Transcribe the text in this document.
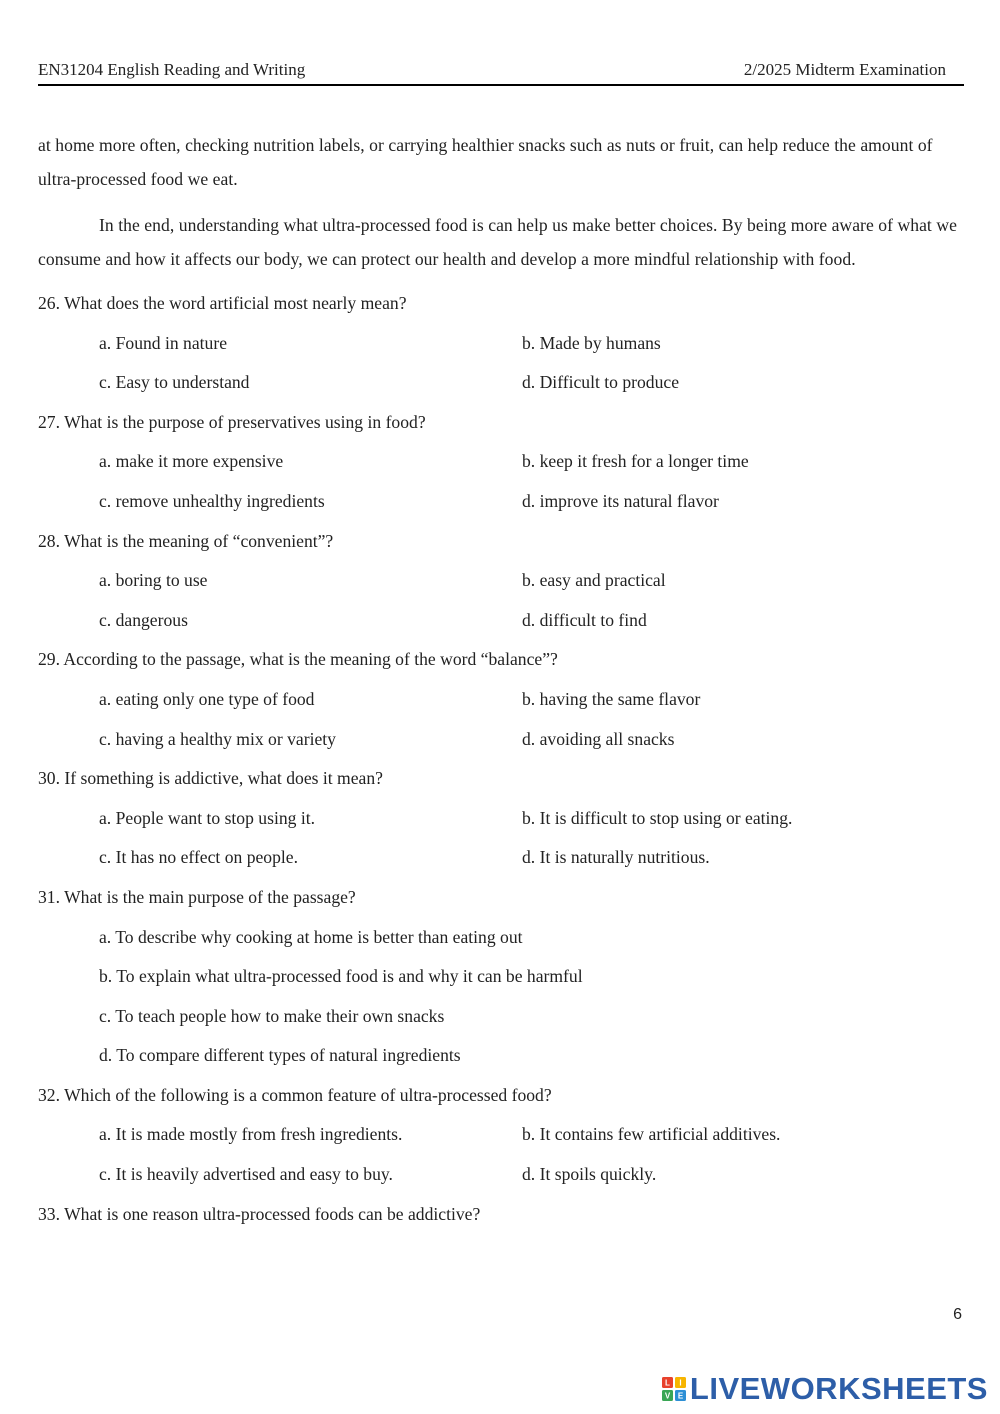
EN31204 English Reading and Writing	2/2025 Midterm Examination

at home more often, checking nutrition labels, or carrying healthier snacks such as nuts or fruit, can help reduce the amount of ultra-processed food we eat.

In the end, understanding what ultra-processed food is can help us make better choices. By being more aware of what we consume and how it affects our body, we can protect our health and develop a more mindful relationship with food.

26. What does the word artificial most nearly mean?
a. Found in nature	b. Made by humans
c. Easy to understand	d. Difficult to produce
27. What is the purpose of preservatives using in food?
a. make it more expensive	b. keep it fresh for a longer time
c. remove unhealthy ingredients	d. improve its natural flavor
28. What is the meaning of “convenient”?
a. boring to use	b. easy and practical
c. dangerous	d. difficult to find
29. According to the passage, what is the meaning of the word “balance”?
a. eating only one type of food	b. having the same flavor
c. having a healthy mix or variety	d. avoiding all snacks
30. If something is addictive, what does it mean?
a. People want to stop using it.	b. It is difficult to stop using or eating.
c. It has no effect on people.	d. It is naturally nutritious.
31. What is the main purpose of the passage?
a. To describe why cooking at home is better than eating out
b. To explain what ultra-processed food is and why it can be harmful
c. To teach people how to make their own snacks
d. To compare different types of natural ingredients
32. Which of the following is a common feature of ultra-processed food?
a. It is made mostly from fresh ingredients.	b. It contains few artificial additives.
c. It is heavily advertised and easy to buy.	d. It spoils quickly.
33. What is one reason ultra-processed foods can be addictive?
6
L I
V E LIVEWORKSHEETS
